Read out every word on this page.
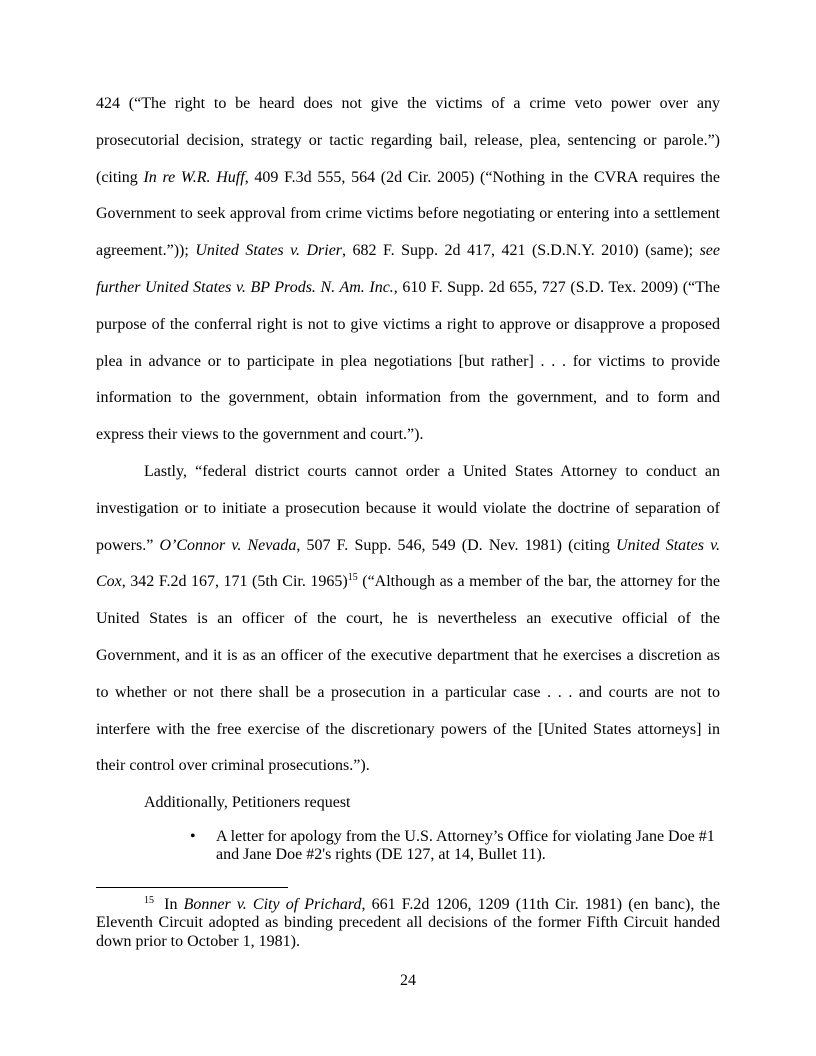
424 (“The right to be heard does not give the victims of a crime veto power over any prosecutorial decision, strategy or tactic regarding bail, release, plea, sentencing or parole.”) (citing In re W.R. Huff, 409 F.3d 555, 564 (2d Cir. 2005) (“Nothing in the CVRA requires the Government to seek approval from crime victims before negotiating or entering into a settlement agreement.”)); United States v. Drier, 682 F. Supp. 2d 417, 421 (S.D.N.Y. 2010) (same); see further United States v. BP Prods. N. Am. Inc., 610 F. Supp. 2d 655, 727 (S.D. Tex. 2009) (“The purpose of the conferral right is not to give victims a right to approve or disapprove a proposed plea in advance or to participate in plea negotiations [but rather] . . . for victims to provide information to the government, obtain information from the government, and to form and express their views to the government and court.”).

Lastly, “federal district courts cannot order a United States Attorney to conduct an investigation or to initiate a prosecution because it would violate the doctrine of separation of powers.” O’Connor v. Nevada, 507 F. Supp. 546, 549 (D. Nev. 1981) (citing United States v. Cox, 342 F.2d 167, 171 (5th Cir. 1965)$^{15}$ (“Although as a member of the bar, the attorney for the United States is an officer of the court, he is nevertheless an executive official of the Government, and it is as an officer of the executive department that he exercises a discretion as to whether or not there shall be a prosecution in a particular case . . . and courts are not to interfere with the free exercise of the discretionary powers of the [United States attorneys] in their control over criminal prosecutions.”).

Additionally, Petitioners request

• A letter for apology from the U.S. Attorney’s Office for violating Jane Doe #1 and Jane Doe #2's rights (DE 127, at 14, Bullet 11).

$^{15}$ In Bonner v. City of Prichard, 661 F.2d 1206, 1209 (11th Cir. 1981) (en banc), the Eleventh Circuit adopted as binding precedent all decisions of the former Fifth Circuit handed down prior to October 1, 1981).

24
